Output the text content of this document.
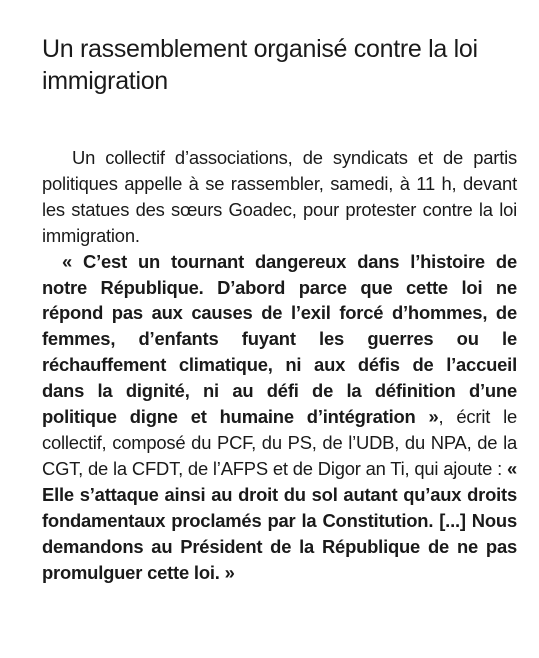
Un rassemblement organisé contre la loi immigration

Un collectif d’associations, de syndicats et de partis politiques appelle à se rassembler, samedi, à 11 h, devant les statues des sœurs Goadec, pour protester contre la loi immigration.

« C’est un tournant dangereux dans l’histoire de notre République. D’abord parce que cette loi ne répond pas aux causes de l’exil forcé d’hommes, de femmes, d’enfants fuyant les guerres ou le réchauffement climatique, ni aux défis de l’accueil dans la dignité, ni au défi de la définition d’une politique digne et humaine d’intégration », écrit le collectif, composé du PCF, du PS, de l’UDB, du NPA, de la CGT, de la CFDT, de l’AFPS et de Digor an Ti, qui ajoute : « Elle s’attaque ainsi au droit du sol autant qu’aux droits fondamentaux proclamés par la Constitution. [...] Nous demandons au Président de la République de ne pas promulguer cette loi. »
